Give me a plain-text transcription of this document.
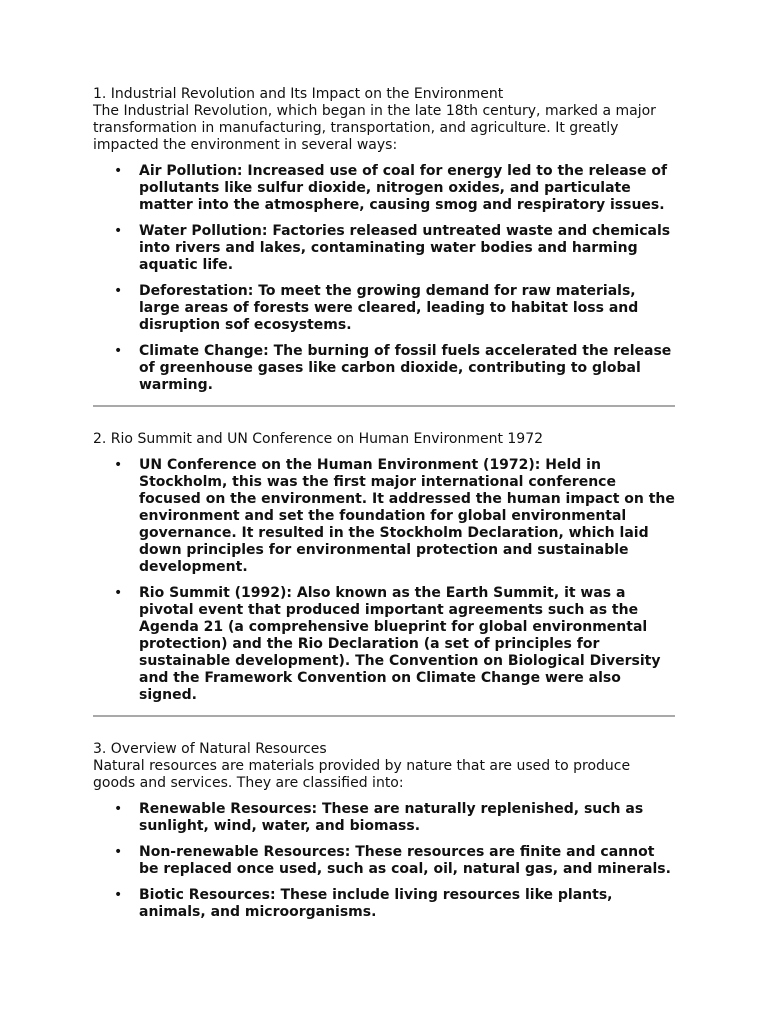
1. Industrial Revolution and Its Impact on the Environment

The Industrial Revolution, which began in the late 18th century, marked a major transformation in manufacturing, transportation, and agriculture. It greatly impacted the environment in several ways:

• Air Pollution: Increased use of coal for energy led to the release of pollutants like sulfur dioxide, nitrogen oxides, and particulate matter into the atmosphere, causing smog and respiratory issues.
• Water Pollution: Factories released untreated waste and chemicals into rivers and lakes, contaminating water bodies and harming aquatic life.
• Deforestation: To meet the growing demand for raw materials, large areas of forests were cleared, leading to habitat loss and disruption sof ecosystems.
• Climate Change: The burning of fossil fuels accelerated the release of greenhouse gases like carbon dioxide, contributing to global warming.

2. Rio Summit and UN Conference on Human Environment 1972

• UN Conference on the Human Environment (1972): Held in Stockholm, this was the first major international conference focused on the environment. It addressed the human impact on the environment and set the foundation for global environmental governance. It resulted in the Stockholm Declaration, which laid down principles for environmental protection and sustainable development.
• Rio Summit (1992): Also known as the Earth Summit, it was a pivotal event that produced important agreements such as the Agenda 21 (a comprehensive blueprint for global environmental protection) and the Rio Declaration (a set of principles for sustainable development). The Convention on Biological Diversity and the Framework Convention on Climate Change were also signed.

3. Overview of Natural Resources

Natural resources are materials provided by nature that are used to produce goods and services. They are classified into:

• Renewable Resources: These are naturally replenished, such as sunlight, wind, water, and biomass.
• Non-renewable Resources: These resources are finite and cannot be replaced once used, such as coal, oil, natural gas, and minerals.
• Biotic Resources: These include living resources like plants, animals, and microorganisms.
